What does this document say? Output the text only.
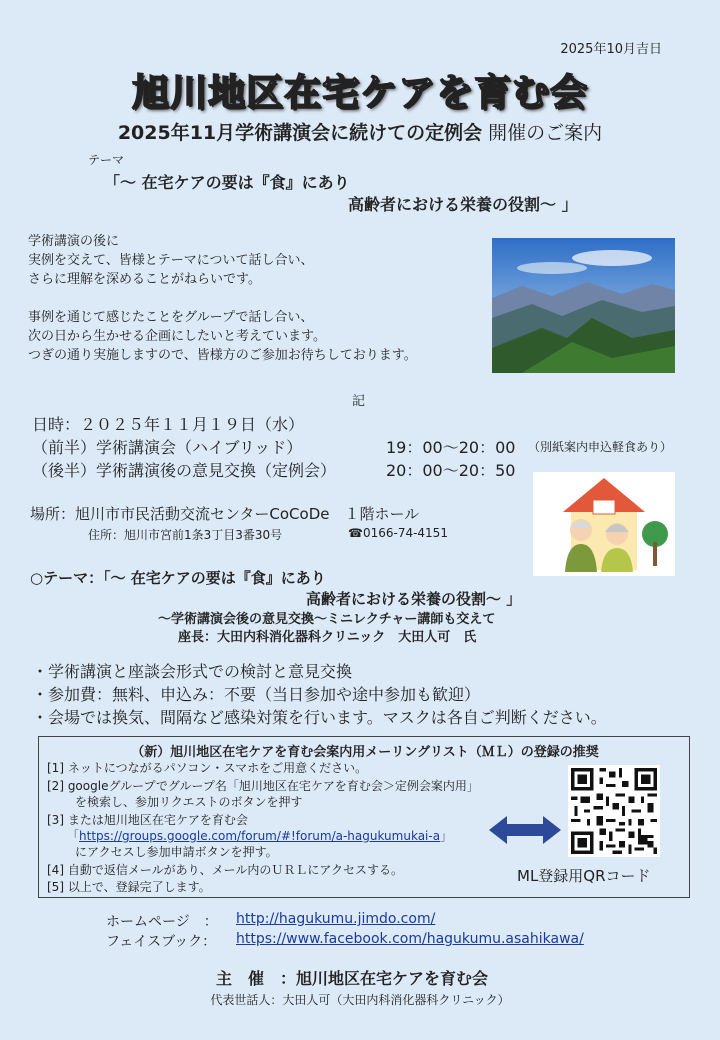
2025年10月吉日
旭川地区在宅ケアを育む会
2025年11月学術講演会に続けての定例会 開催のご案内
テーマ
「〜 在宅ケアの要は『食』にあり
高齢者における栄養の役割〜 」

学術講演の後に

実例を交えて、皆様とテーマについて話し合い、

さらに理解を深めることがねらいです。

事例を通じて感じたことをグループで話し合い、

次の日から生かせる企画にしたいと考えています。

つぎの通り実施しますので、皆様方のご参加お待ちしております。

記
日時：２０２５年１１月１９日（水）
（前半）学術講演会（ハイブリッド）	19：00〜20：00 （別紙案内申込軽食あり）
（後半）学術講演後の意見交換（定例会）	20：00〜20：50
場所：旭川市市民活動交流センターCoCoDe　１階ホール
住所：旭川市宮前1条3丁目3番30号	☎0166-74-4151
○テーマ：「〜 在宅ケアの要は『食』にあり
高齢者における栄養の役割〜 」
〜学術講演会後の意見交換〜ミニレクチャー講師も交えて
座長：大田内科消化器科クリニック　大田人可　氏
・学術講演と座談会形式での検討と意見交換
・参加費：無料、申込み：不要（当日参加や途中参加も歓迎）
・会場では換気、間隔など感染対策を行います。マスクは各自ご判断ください。
（新）旭川地区在宅ケアを育む会案内用メーリングリスト（ＭＬ）の登録の推奨
[1] ネットにつながるパソコン・スマホをご用意ください。
[2] googleグループでグループ名「旭川地区在宅ケアを育む会＞定例会案内用」
を検索し、参加リクエストのボタンを押す
[3] または旭川地区在宅ケアを育む会
「https://groups.google.com/forum/#!forum/a-hagukumukai-a」
にアクセスし参加申請ボタンを押す。
[4] 自動で返信メールがあり、メール内のＵＲＬにアクセスする。
[5] 以上で、登録完了します。
ML登録用QRコード
ホームページ　： http://hagukumu.jimdo.com/
フェイスブック： https://www.facebook.com/hagukumu.asahikawa/
主　催　：旭川地区在宅ケアを育む会
代表世話人：大田人可（大田内科消化器科クリニック）
